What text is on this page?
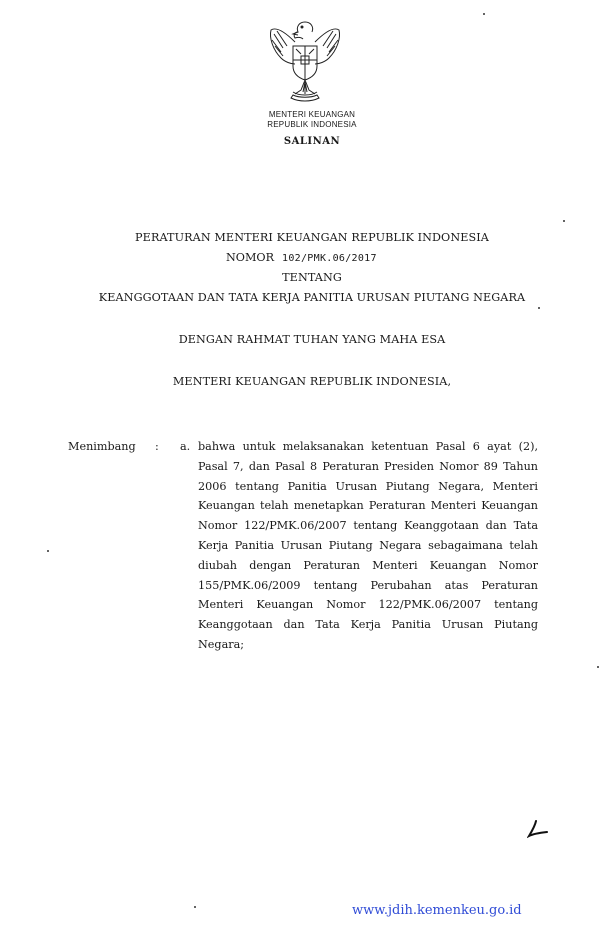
MENTERI KEUANGAN
REPUBLIK INDONESIA
SALINAN
PERATURAN MENTERI KEUANGAN REPUBLIK INDONESIA
NOMOR 102/PMK.06/2017
TENTANG
KEANGGOTAAN DAN TATA KERJA PANITIA URUSAN PIUTANG NEGARA
DENGAN RAHMAT TUHAN YANG MAHA ESA
MENTERI KEUANGAN REPUBLIK INDONESIA,
Menimbang : a. bahwa untuk melaksanakan ketentuan Pasal 6 ayat (2), Pasal 7, dan Pasal 8 Peraturan Presiden Nomor 89 Tahun 2006 tentang Panitia Urusan Piutang Negara, Menteri Keuangan telah menetapkan Peraturan Menteri Keuangan Nomor 122/PMK.06/2007 tentang Keanggotaan dan Tata Kerja Panitia Urusan Piutang Negara sebagaimana telah diubah dengan Peraturan Menteri Keuangan Nomor 155/PMK.06/2009 tentang Perubahan atas Peraturan Menteri Keuangan Nomor 122/PMK.06/2007 tentang Keanggotaan dan Tata Kerja Panitia Urusan Piutang Negara;
www.jdih.kemenkeu.go.id
